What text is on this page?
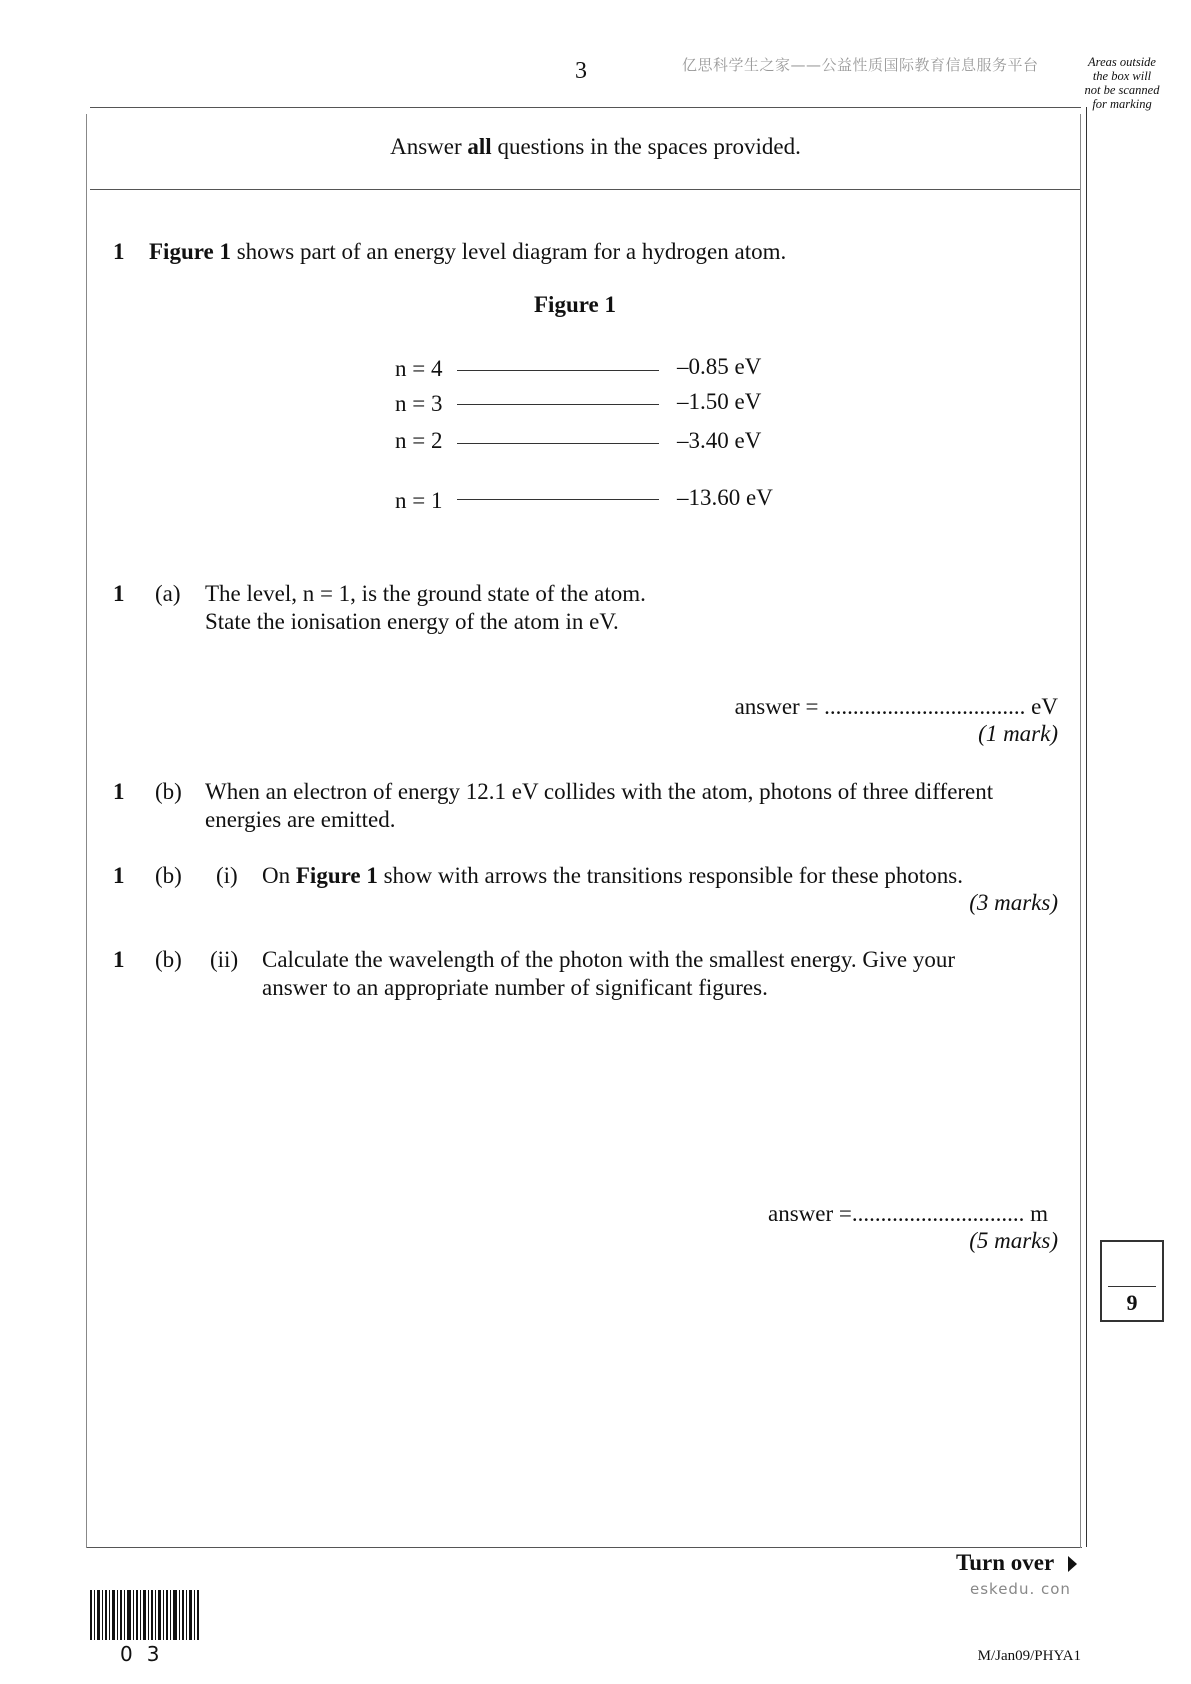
3	亿思科学生之家——公益性质国际教育信息服务平台	Areas outside
the box will
not be scanned
for marking
Answer all questions in the spaces provided.
1 Figure 1 shows part of an energy level diagram for a hydrogen atom.
Figure 1
n = 4	–0.85 eV
n = 3	–1.50 eV
n = 2	–3.40 eV
n = 1	–13.60 eV
1 (a) The level, n = 1, is the ground state of the atom.
State the ionisation energy of the atom in eV.
answer = ................................... eV
(1 mark)
1 (b) When an electron of energy 12.1 eV collides with the atom, photons of three different
energies are emitted.
1 (b) (i) On Figure 1 show with arrows the transitions responsible for these photons.
(3 marks)
1 (b) (ii) Calculate the wavelength of the photon with the smallest energy. Give your
answer to an appropriate number of significant figures.
answer =.............................. m
(5 marks)
9
Turn over
eskedu. con
03	M/Jan09/PHYA1
